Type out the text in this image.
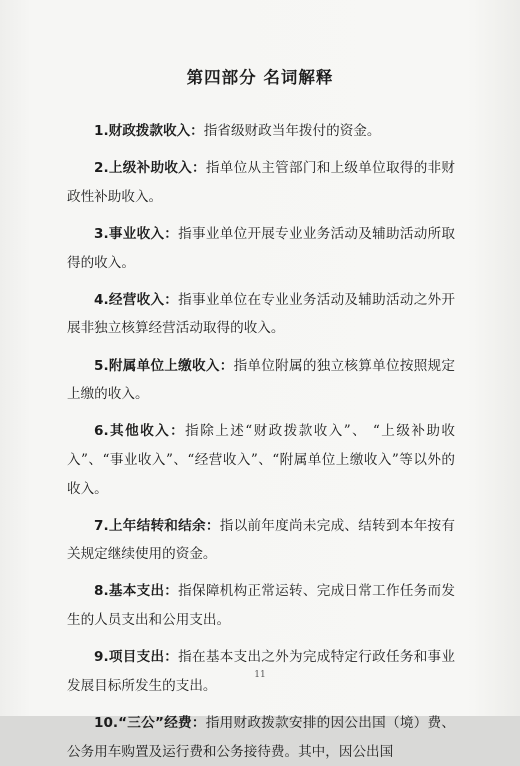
第四部分 名词解释

1.财政拨款收入：指省级财政当年拨付的资金。

2.上级补助收入：指单位从主管部门和上级单位取得的非财政性补助收入。

3.事业收入：指事业单位开展专业业务活动及辅助活动所取得的收入。

4.经营收入：指事业单位在专业业务活动及辅助活动之外开展非独立核算经营活动取得的收入。

5.附属单位上缴收入：指单位附属的独立核算单位按照规定上缴的收入。

6.其他收入：指除上述“财政拨款收入”、 “上级补助收入”、“事业收入”、“经营收入”、“附属单位上缴收入”等以外的收入。

7.上年结转和结余：指以前年度尚未完成、结转到本年按有关规定继续使用的资金。

8.基本支出：指保障机构正常运转、完成日常工作任务而发生的人员支出和公用支出。

9.项目支出：指在基本支出之外为完成特定行政任务和事业发展目标所发生的支出。

10.“三公”经费：指用财政拨款安排的因公出国（境）费、公务用车购置及运行费和公务接待费。其中，因公出国

11
